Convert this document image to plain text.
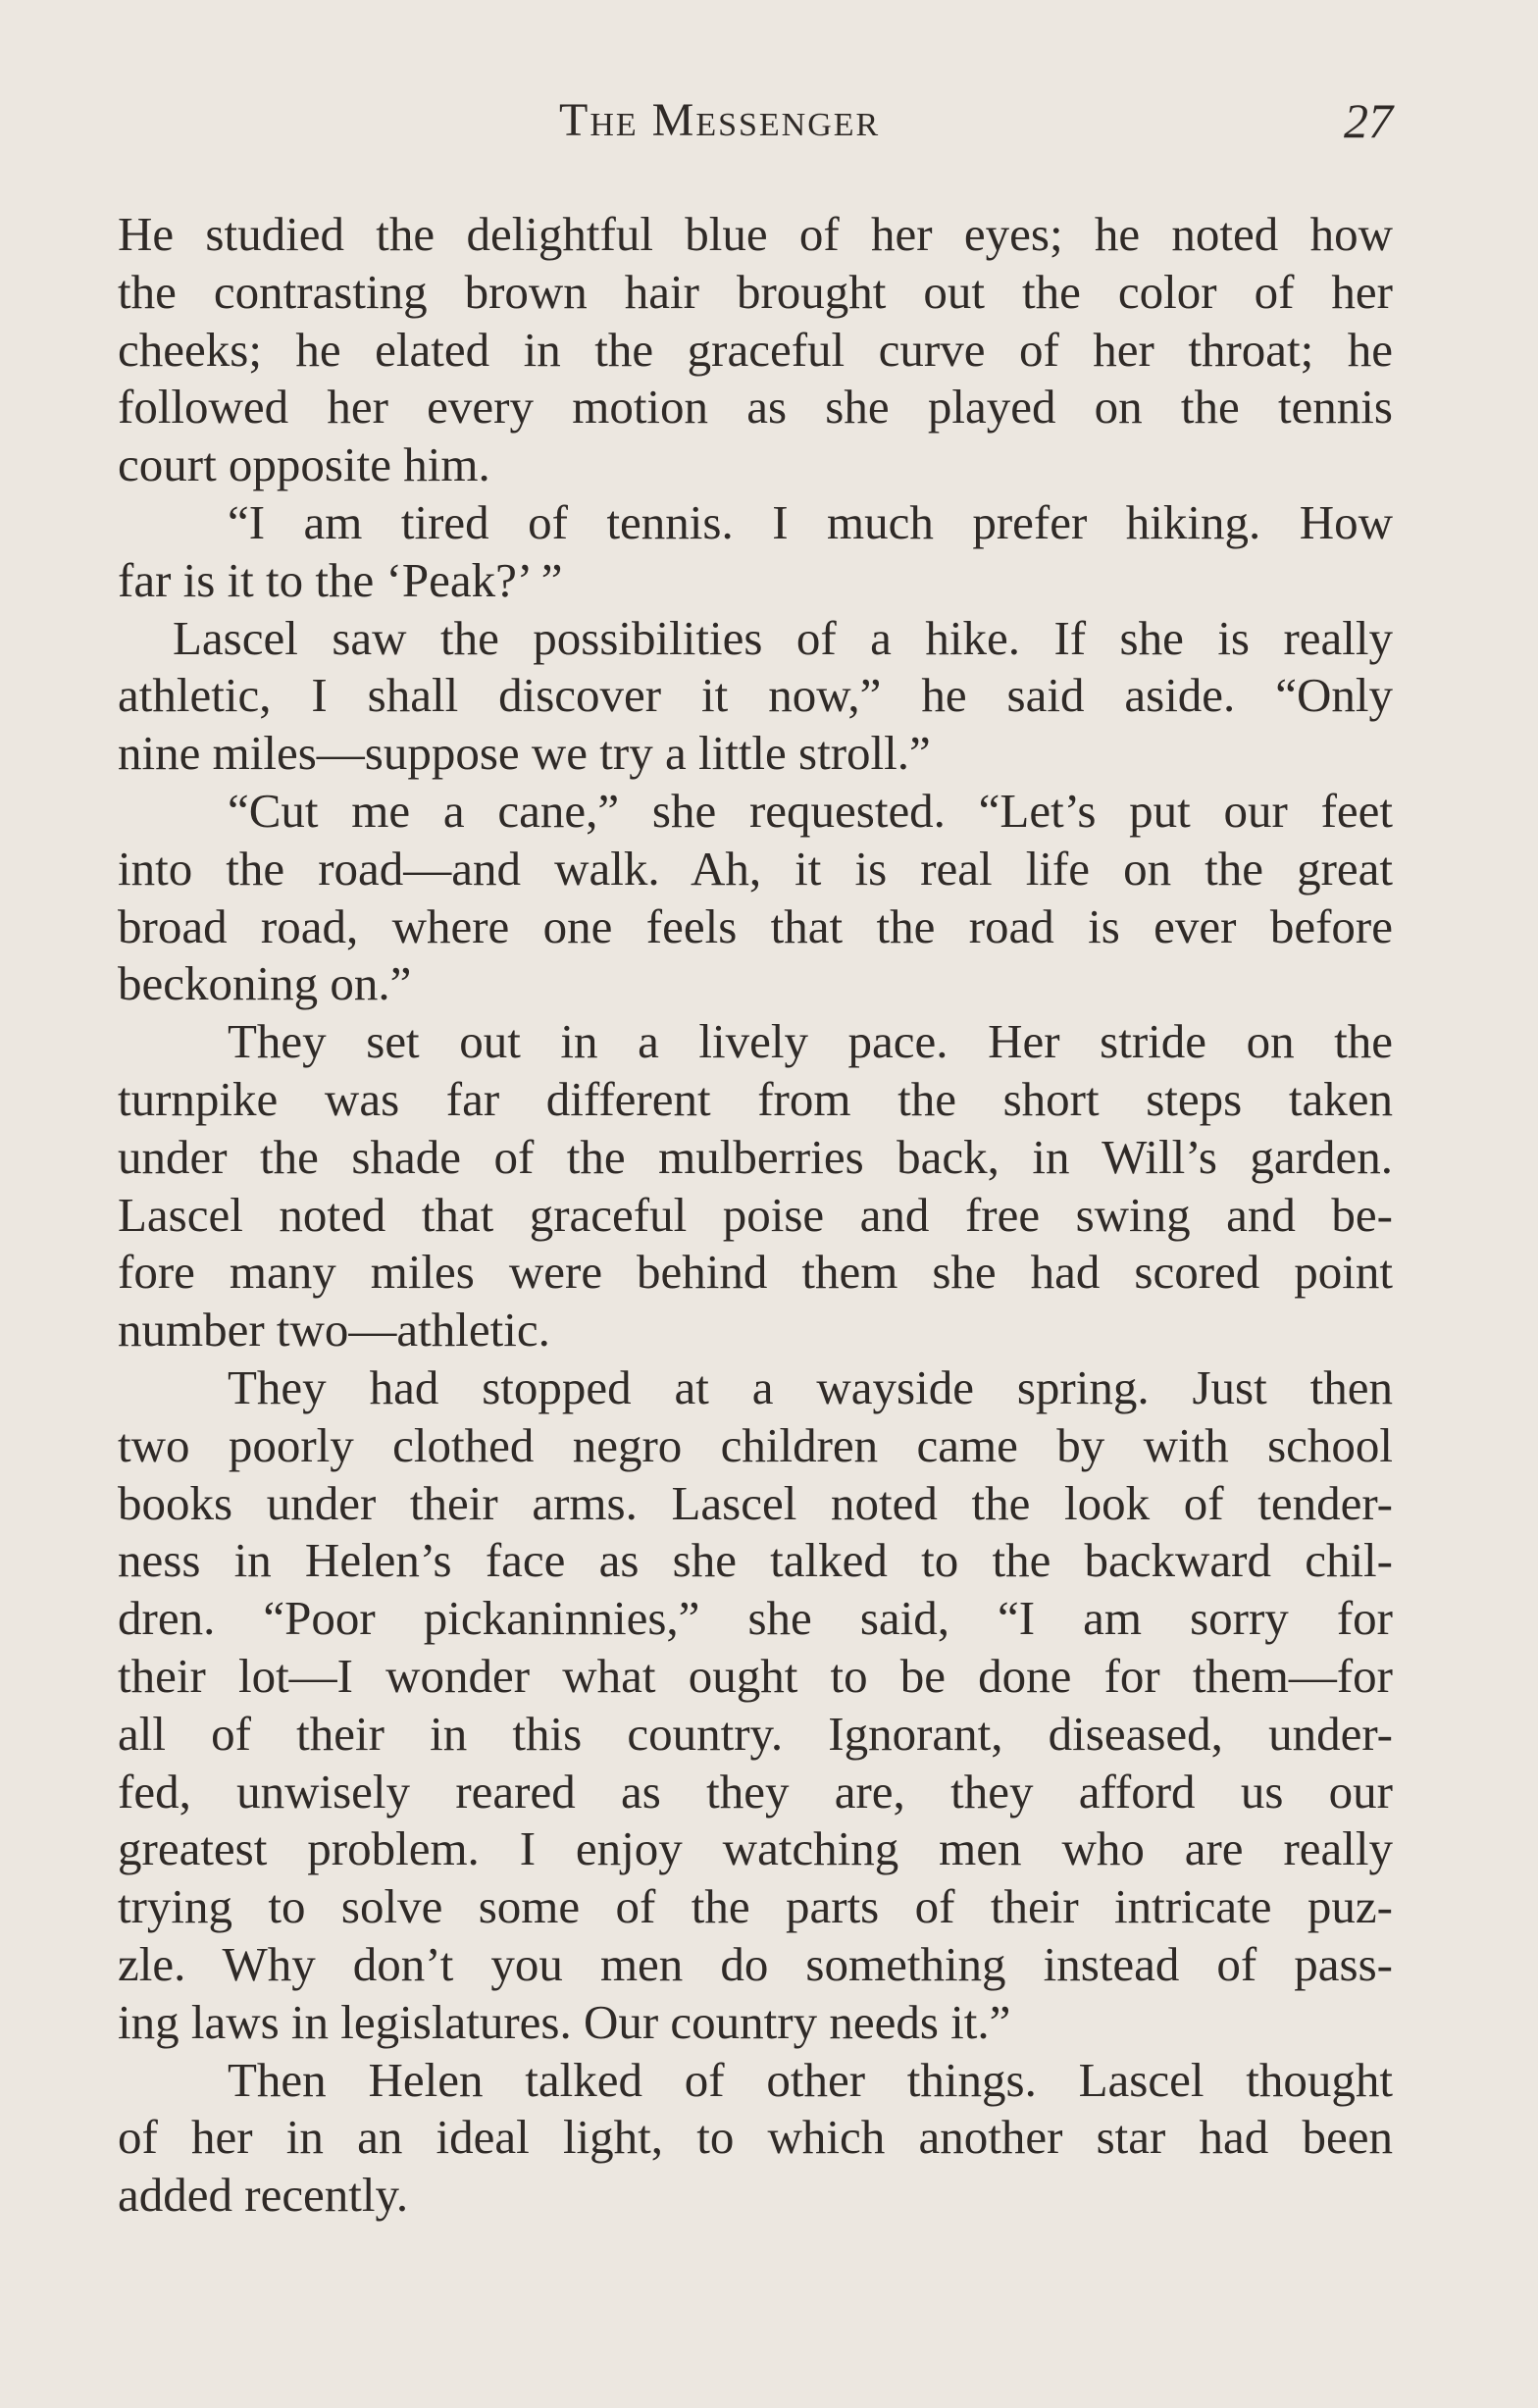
The Messenger	27
He studied the delightful blue of her eyes; he noted how
the contrasting brown hair brought out the color of her
cheeks; he elated in the graceful curve of her throat; he
followed her every motion as she played on the tennis
court opposite him.
“I am tired of tennis. I much prefer hiking. How
far is it to the ‘Peak?’ ”
Lascel saw the possibilities of a hike. If she is really
athletic, I shall discover it now,” he said aside. “Only
nine miles—suppose we try a little stroll.”
“Cut me a cane,” she requested. “Let’s put our feet
into the road—and walk. Ah, it is real life on the great
broad road, where one feels that the road is ever before
beckoning on.”
They set out in a lively pace. Her stride on the
turnpike was far different from the short steps taken
under the shade of the mulberries back, in Will’s garden.
Lascel noted that graceful poise and free swing and be-
fore many miles were behind them she had scored point
number two—athletic.
They had stopped at a wayside spring. Just then
two poorly clothed negro children came by with school
books under their arms. Lascel noted the look of tender-
ness in Helen’s face as she talked to the backward chil-
dren. “Poor pickaninnies,” she said, “I am sorry for
their lot—I wonder what ought to be done for them—for
all of their in this country. Ignorant, diseased, under-
fed, unwisely reared as they are, they afford us our
greatest problem. I enjoy watching men who are really
trying to solve some of the parts of their intricate puz-
zle. Why don’t you men do something instead of pass-
ing laws in legislatures. Our country needs it.”
Then Helen talked of other things. Lascel thought
of her in an ideal light, to which another star had been
added recently.
